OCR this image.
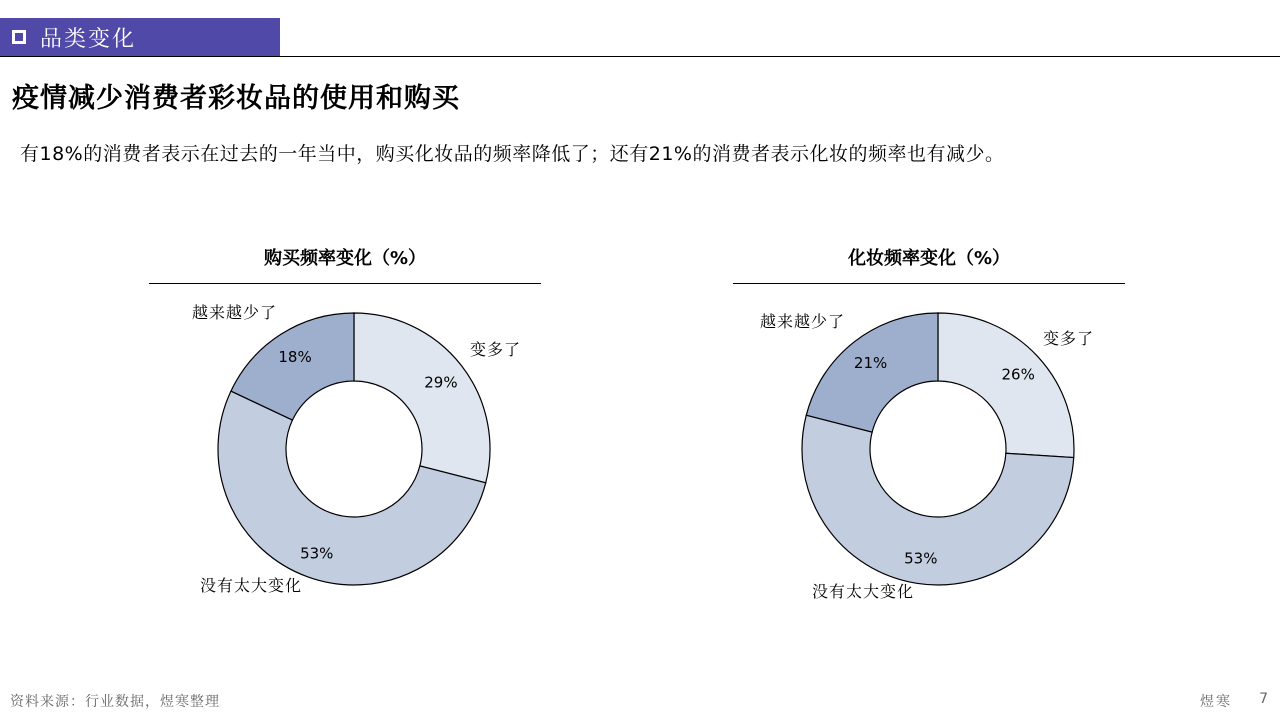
品类变化
疫情减少消费者彩妆品的使用和购买
有18%的消费者表示在过去的一年当中，购买化妆品的频率降低了；还有21%的消费者表示化妆的频率也有减少。
购买频率变化（%）	化妆频率变化（%）
29%
变多了
53%
没有太大变化
18%
越来越少了
26%
变多了
53%
没有太大变化
21%
越来越少了
资料来源：行业数据，煜寒整理	煜寒 7
